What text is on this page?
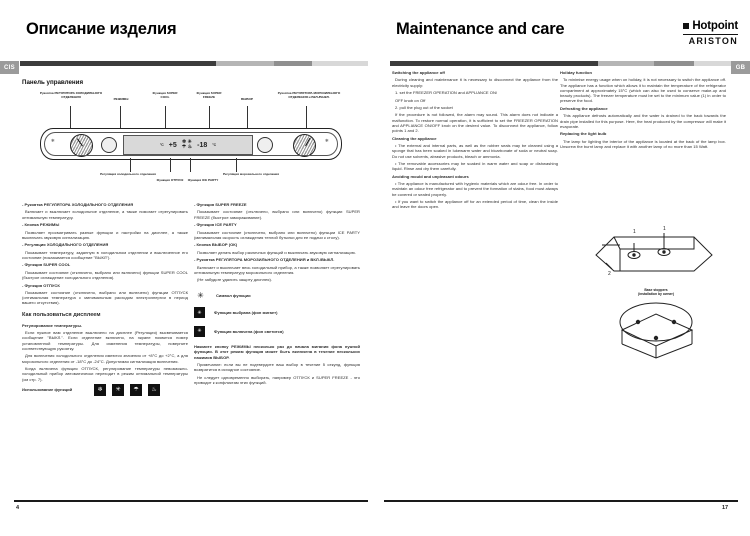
Описание изделия
CIS
Панель управления
Рукоятка РЕГУЛЯТОРА ХОЛОДИЛЬНОГО ОТДЕЛЕНИЯ
РЕЖИМЫ
Функция SUPER COOL
Функция SUPER FREEZE
ВЫБОР
Рукоятка РЕГУЛЯТОРА МОРОЗИЛЬНОГО ОТДЕЛЕНИЯ и ВКЛ./ВЫКЛ.
°C +5 ❄ ✳
☂ ♨ -18 °C
❄	❄
Регуляция холодильного отделения
Функция ОТПУСК	Функция ICE PARTY
Регуляция морозильного отделения

- Рукоятка РЕГУЛЯТОРА ХОЛОДИЛЬНОГО ОТДЕЛЕНИЯ

Включает и выключает холодильное отделение, а также помогает отрегулировать оптимальную температуру.

- Кнопка РЕЖИМЫ

Позволяет просматривать разные функции и настройки на дисплее, а также выключать звуковую сигнализацию.

- Регуляция ХОЛОДИЛЬНОГО ОТДЕЛЕНИЯ

Показывает температуру, заданную в холодильном отделении и выключенное его состояние (показывается сообщение "ВЫКЛ").

- Функция SUPER COOL

Показывает состояние (отключено, выбрано или включено) функции SUPER COOL (быстрое охлаждение холодильного отделения).

- Функция ОТПУСК

Показывает состояние (отключено, выбрано или включено) функции ОТПУСК (оптимальная температура с минимальным расходом электроэнергии в период вашего отсутствия).

Как пользоваться дисплеем

Регулирование температуры.

Если нужное вам отделение выключено на дисплее (Регуляция) высвечивается сообщение "ВЫКЛ.". Если отделение включено, на экране появится номер установленной температуры. Для изменения температуры, поверните соответствующую рукоятку.

Для включения холодильного отделения имеются значения от +8°C до +2°C, а для морозильного отделения от -18°C до -24°C. Допустимая сигнализация включения.

Когда включена функция ОТПУСК, регулирование температуры невозможно- холодильный прибор автоматически переходит в режим оптимальной температуры (см стр. 7).

Использование функций	❄	✳	☂	♨

- Функция SUPER FREEZE

Показывает состояние (отключено, выбрано или включено) функции SUPER FREEZE (быстрое замораживание).

- Функция ICE PARTY

Показывает состояние (отключено, выбрано или включено) функции ICE PARTY (минимальная скорость охлаждения теплой бутылки для ее подачи к столу).

- Кнопка ВЫБОР (ОК)

Позволяет делать выбор различных функций и выключать звуковую сигнализацию.

- Рукоятка РЕГУЛЯТОРА МОРОЗИЛЬНОГО ОТДЕЛЕНИЯ и ВКЛ./ВЫКЛ.

Включает и выключает весь холодильный прибор, а также позволяет отрегулировать оптимальную температуру морозильного отделения.

(Не забудьте удалить защиту дисплея).

✳	Символ функции
✳	Функция выбрана (фон мигает)
✳	Функция включена (фон светится)

Нажмите кнопку РЕЖИМЫ несколько раз до начала мигания фона нужной функции. В этот режим функция может быть включена в течение нескольких нажимов ВЫБОР.

Примечание: если вы не подтвердите ваш выбор в течение 5 секунд, функция возвратится в исходное состояние.

Не следует одновременно выбирать, например ОТПУСК и SUPER FREEZE - это приводит к конфликтам этих функций.

Maintenance and care	Hotpoint
ARISTON
GB

Switching the appliance off

During cleaning and maintenance it is necessary to disconnect the appliance from the electricity supply:

1. set the FREEZER OPERATION and APPLIANCE ON/

OFF knob on Off

2. pull the plug out of the socket

If the procedure is not followed, the alarm may sound. This alarm does not indicate a malfunction. To restore normal operation, it is sufficient to set the FREEZER OPERATION and APPLIANCE ON/OFF knob on the desired value. To disconnect the appliance, follow points 1 and 2.

Cleaning the appliance

• The external and internal parts, as well as the rubber seals may be cleaned using a sponge that has been soaked in lukewarm water and bicarbonate of soda or neutral soap. Do not use solvents, abrasive products, bleach or ammonia.

• The removable accessories may be soaked in warm water and soap or dishwashing liquid. Rinse and dry them carefully.

Avoiding mould and unpleasant odours

• The appliance is manufactured with hygienic materials which are odour free. In order to maintain an odour free refrigerator and to prevent the formation of stains, food must always be covered or sealed properly.

• If you want to switch the appliance off for an extended period of time, clean the inside and leave the doors open.

Holiday function

To minimise energy usage when on holiday, it is not necessary to switch the appliance off. The appliance has a function which allows it to maintain the temperature of the refrigerator compartment at approximately 15°C (which can also be used to conserve make-up and beauty products). The freezer temperature must be set to the minimum value (1) in order to preserve the food.

Defrosting the appliance

This appliance defrosts automatically and the water is drained to the back towards the drain pipe installed for this purpose. Here, the heat produced by the compressor will make it evaporate.

Replacing the light bulb

The lamp for lighting the interior of the appliance is located at the back of the lamp box. Unscrew the burnt lamp and replace it with another lamp of no more than 15 Watt.

1	1
2
Base stoppers
(installation by owner)
4	17
